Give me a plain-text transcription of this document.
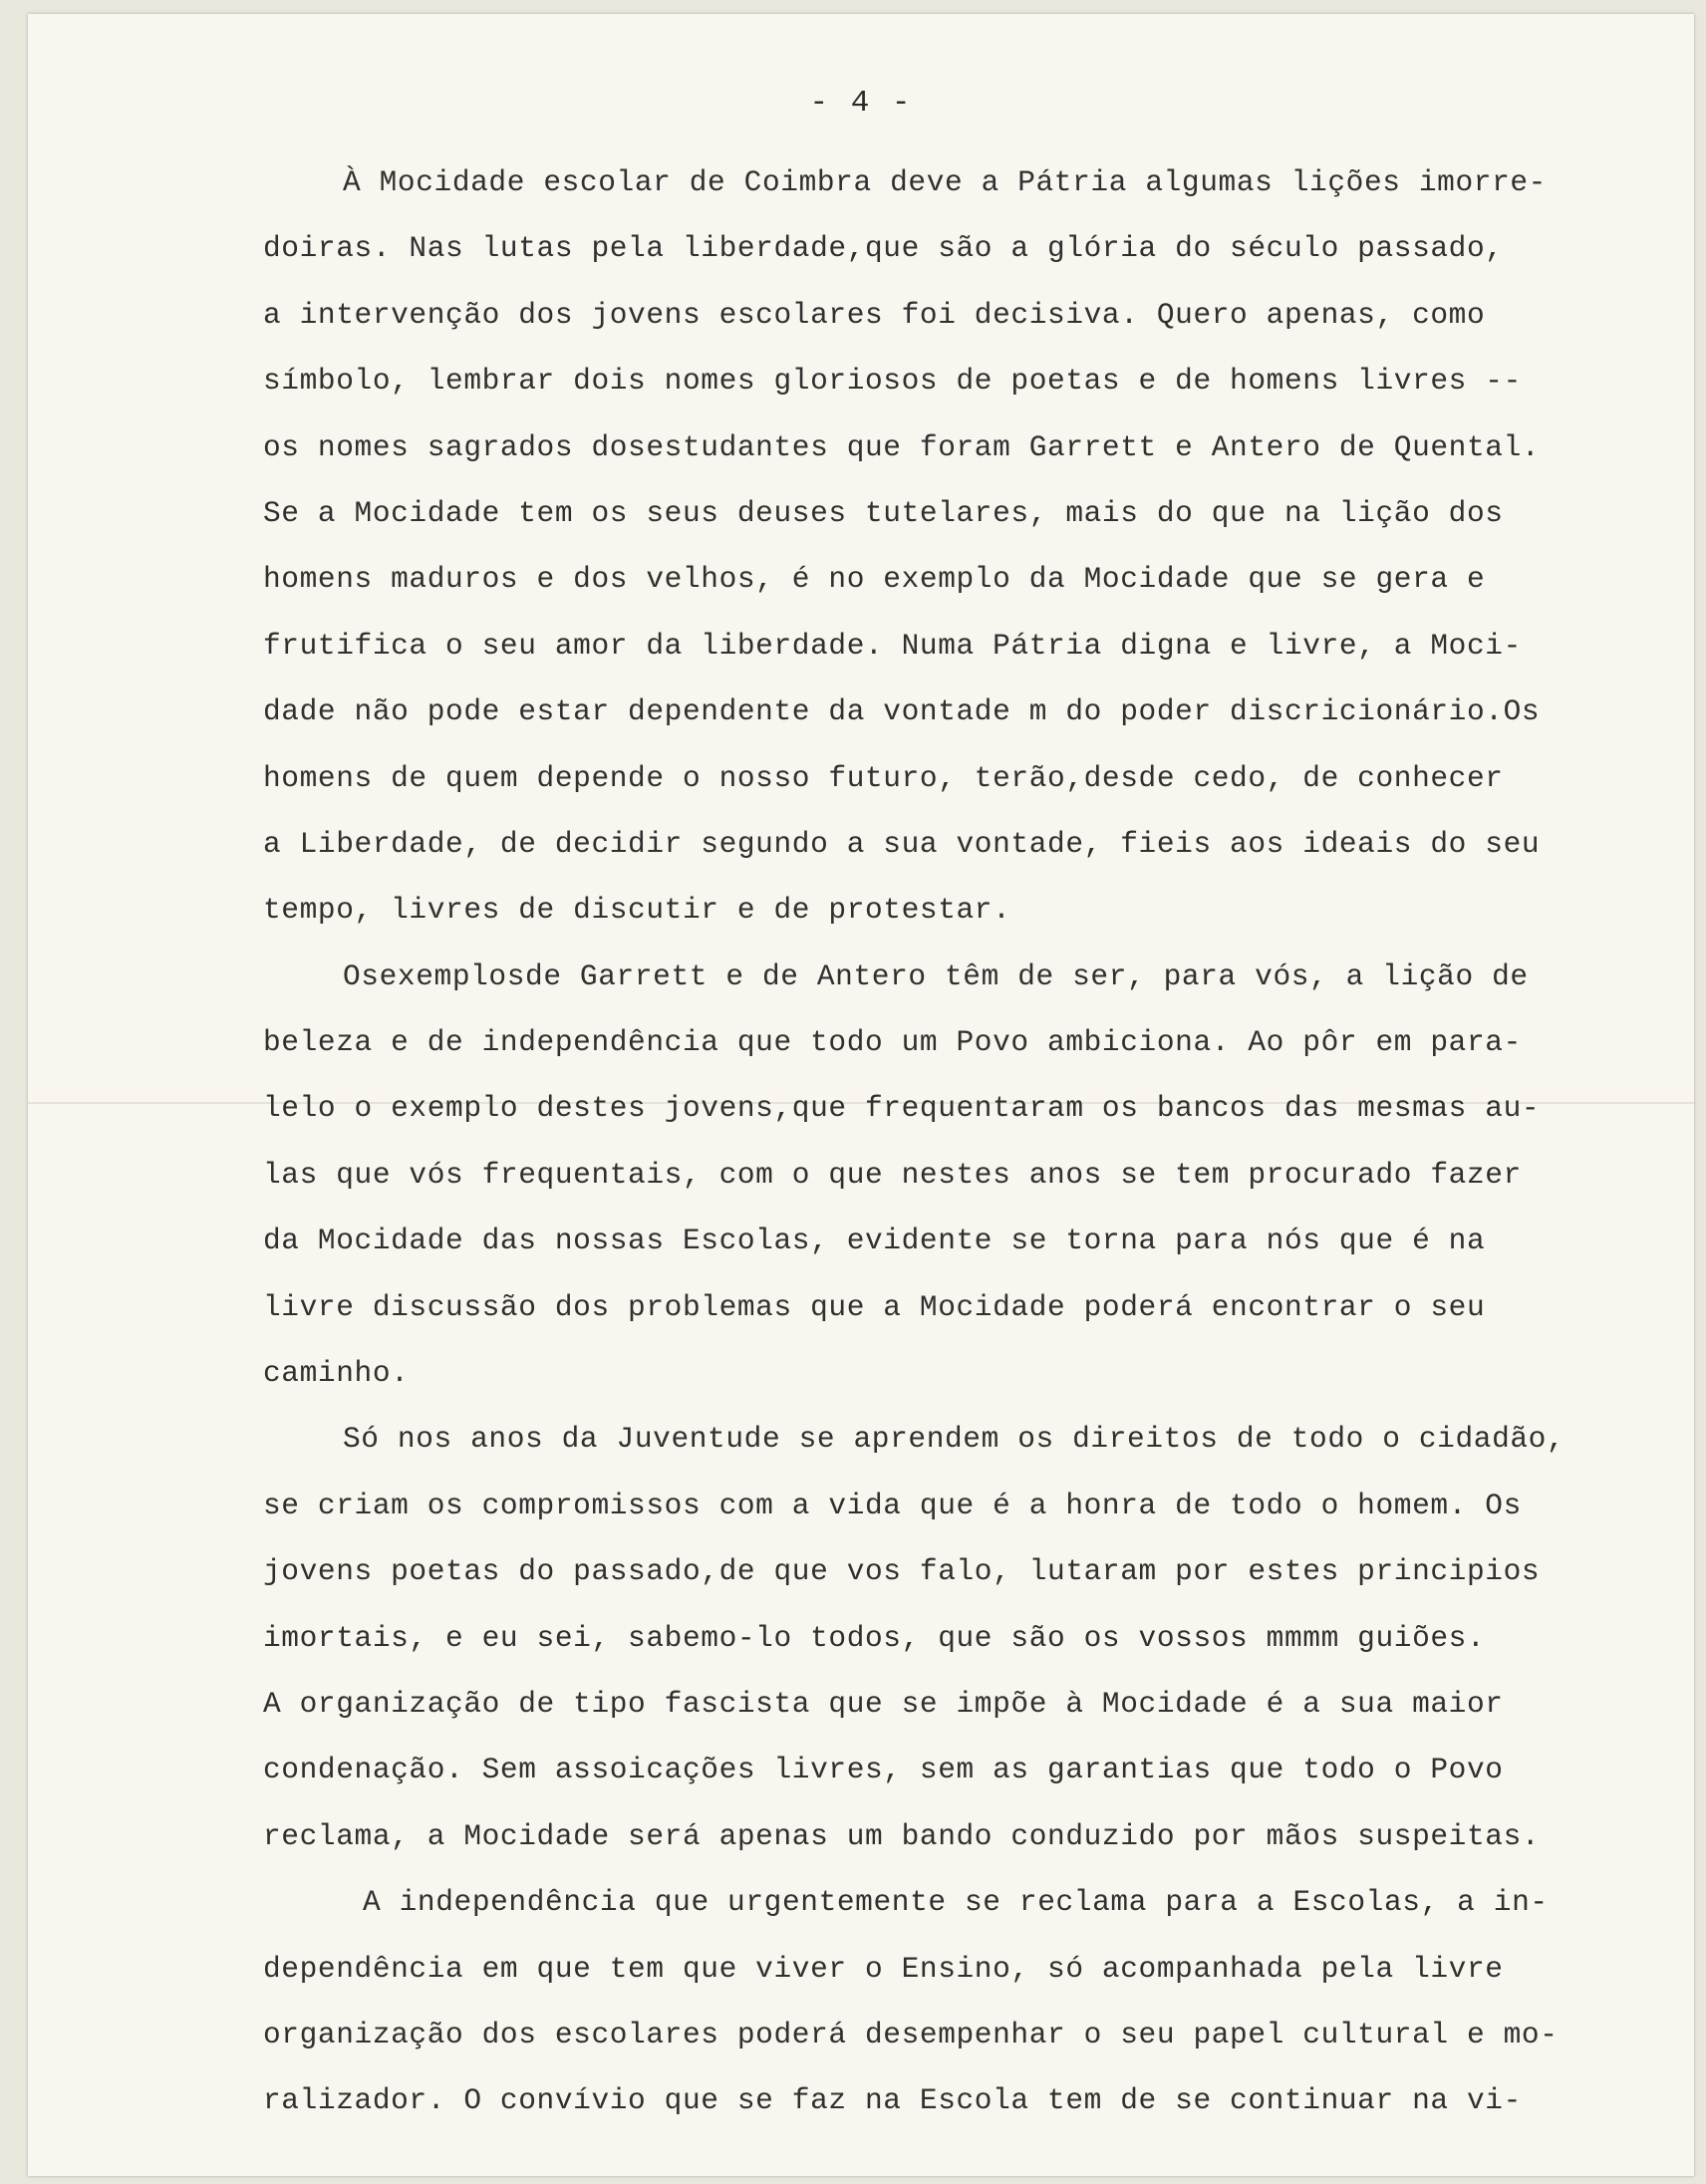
- 4 -
À Mocidade escolar de Coimbra deve a Pátria algumas lições imorre-
doiras. Nas lutas pela liberdade,que são a glória do século passado,
a intervenção dos jovens escolares foi decisiva. Quero apenas, como
símbolo, lembrar dois nomes gloriosos de poetas e de homens livres --
os nomes sagrados dosestudantes que foram Garrett e Antero de Quental.
Se a Mocidade tem os seus deuses tutelares, mais do que na lição dos
homens maduros e dos velhos, é no exemplo da Mocidade que se gera e
frutifica o seu amor da liberdade. Numa Pátria digna e livre, a Moci-
dade não pode estar dependente da vontade m do poder discricionário.Os
homens de quem depende o nosso futuro, terão,desde cedo, de conhecer
a Liberdade, de decidir segundo a sua vontade, fieis aos ideais do seu
tempo, livres de discutir e de protestar.
Osexemplosde Garrett e de Antero têm de ser, para vós, a lição de
beleza e de independência que todo um Povo ambiciona. Ao pôr em para-
lelo o exemplo destes jovens,que frequentaram os bancos das mesmas au-
las que vós frequentais, com o que nestes anos se tem procurado fazer
da Mocidade das nossas Escolas, evidente se torna para nós que é na
livre discussão dos problemas que a Mocidade poderá encontrar o seu
caminho.
Só nos anos da Juventude se aprendem os direitos de todo o cidadão,
se criam os compromissos com a vida que é a honra de todo o homem. Os
jovens poetas do passado,de que vos falo, lutaram por estes principios
imortais, e eu sei, sabemo-lo todos, que são os vossos mmmm guiões.
A organização de tipo fascista que se impõe à Mocidade é a sua maior
condenação. Sem assoicações livres, sem as garantias que todo o Povo
reclama, a Mocidade será apenas um bando conduzido por mãos suspeitas.
A independência que urgentemente se reclama para a Escolas, a in-
dependência em que tem que viver o Ensino, só acompanhada pela livre
organização dos escolares poderá desempenhar o seu papel cultural e mo-
ralizador. O convívio que se faz na Escola tem de se continuar na vi-
